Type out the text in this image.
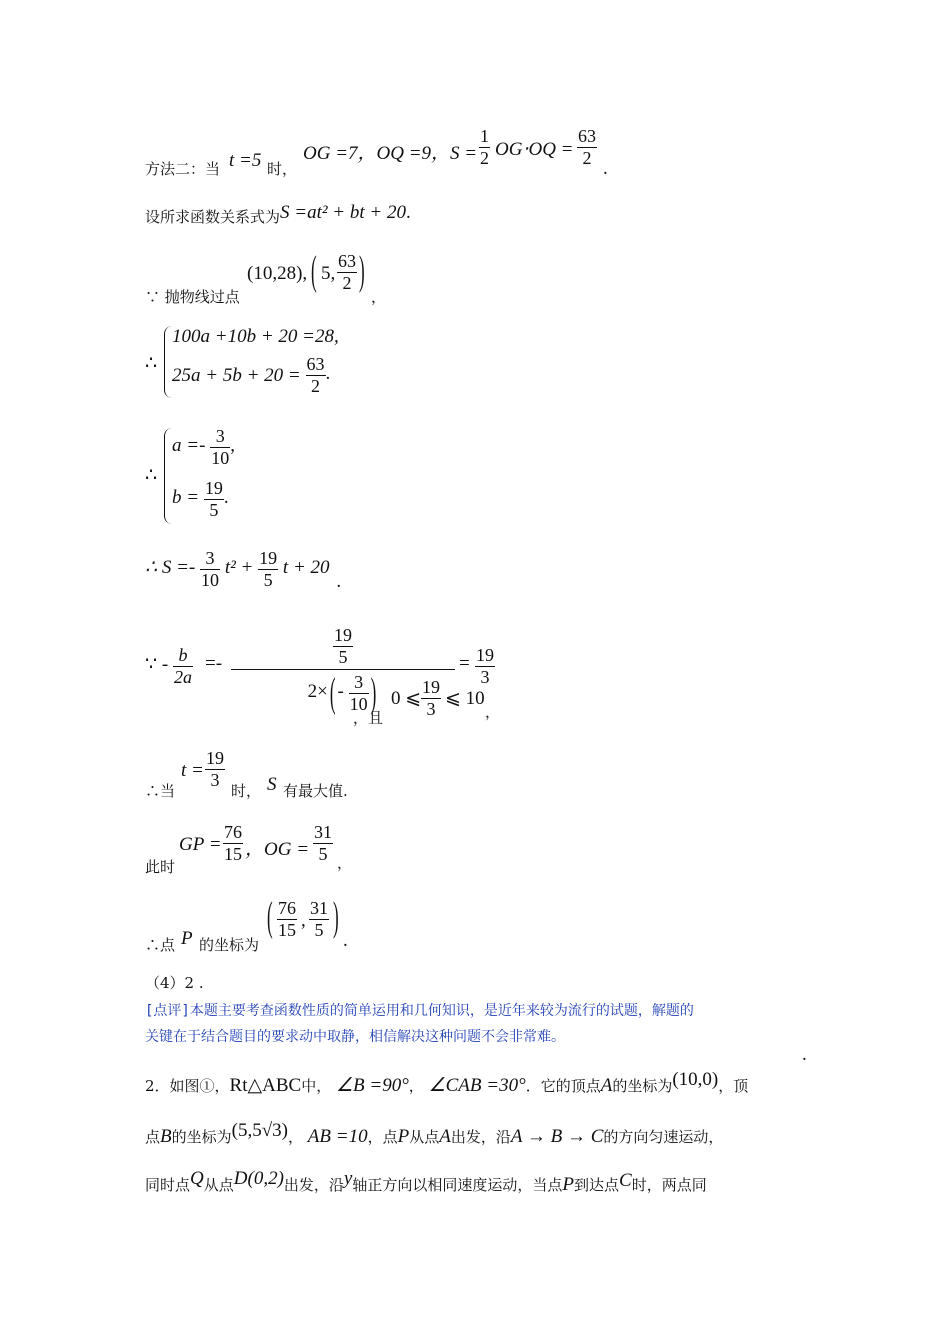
方法二：当 t =5 时，
OG =7，OQ =9，$S = \frac{1}{2} OG\cdot OQ = \frac{63}{2}$
.
设所求函数关系式为S =at² + bt + 20.
∵ 抛物线过点
(10,28), ( 5, $\frac{63}{2}$ )
，
∴
100a +10b + 20 =28,
$25a + 5b + 20 = \frac{63}{2}$ .
∴
$a =- \frac{3}{10}$ ,
$b = \frac{19}{5}$ .
∴ $S =- \frac{3}{10} t^2 + \frac{19}{5}$ t + 20 .
∵ - $\frac{b}{2a}$ =-	$\frac{19}{5}$
2× ( - $\frac{3}{10}$ )
= $\frac{19}{3}$
，且
0 ⩽ $\frac{19}{3}$ ⩽ 10
，
∴当
$t = \frac{19}{3}$
时， S 有最大值.
此时
GP = $\frac{76}{15}$ ，OG = $\frac{31}{5}$ ，
∴点 P 的坐标为
( $\frac{76}{15}$ , $\frac{31}{5}$ )
.
（4）2 .
[点评]本题主要考查函数性质的简单运用和几何知识，是近年来较为流行的试题，解题的
关键在于结合题目的要求动中取静，相信解决这种问题不会非常难。
.
2．如图①，Rt△ABC中， ∠B =90°， ∠CAB =30°．它的顶点A的坐标为(10,0)，顶
点B的坐标为(5,5√3)， AB =10，点P从点A出发，沿A → B → C的方向匀速运动，
同时点Q从点D(0,2)出发，沿y轴正方向以相同速度运动，当点P到达点C时，两点同
